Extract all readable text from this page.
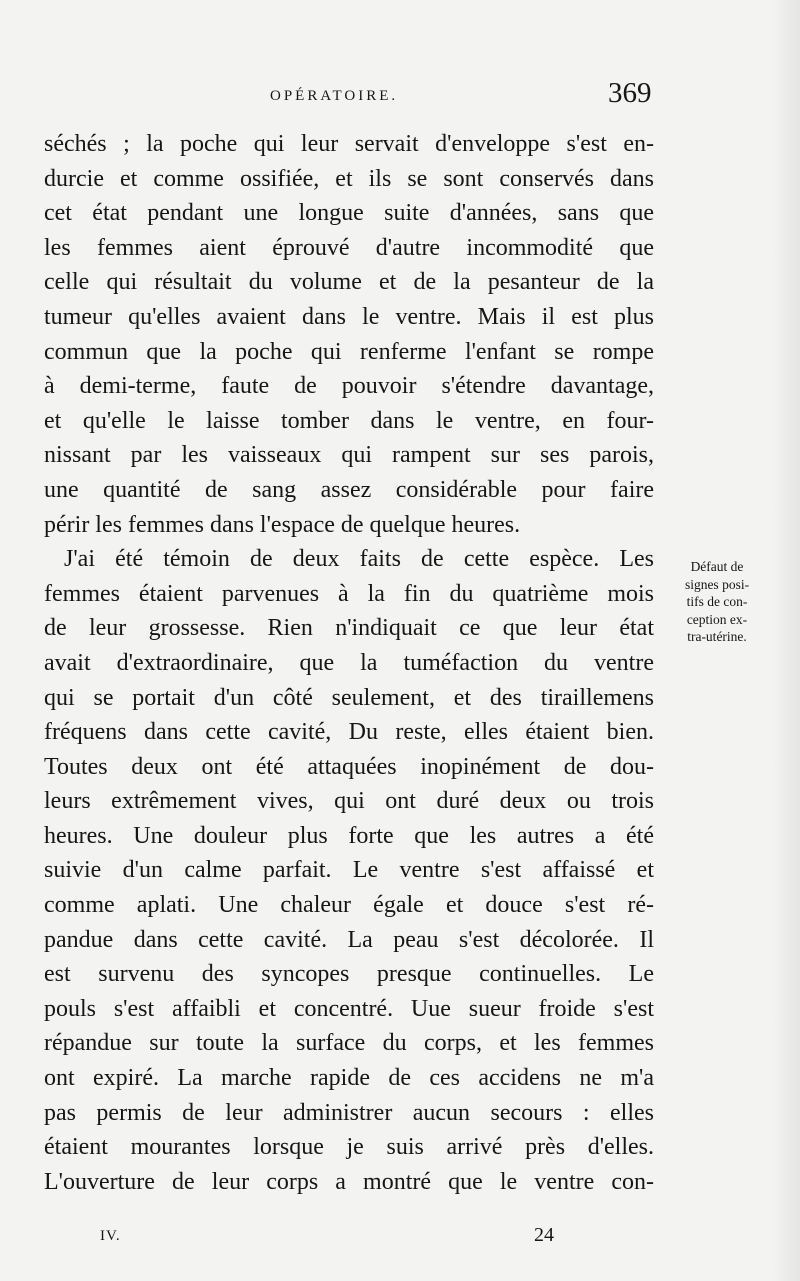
OPÉRATOIRE.	369
séchés ; la poche qui leur servait d'enveloppe s'est en-
durcie et comme ossifiée, et ils se sont conservés dans
cet état pendant une longue suite d'années, sans que
les femmes aient éprouvé d'autre incommodité que
celle qui résultait du volume et de la pesanteur de la
tumeur qu'elles avaient dans le ventre. Mais il est plus
commun que la poche qui renferme l'enfant se rompe
à demi-terme, faute de pouvoir s'étendre davantage,
et qu'elle le laisse tomber dans le ventre, en four-
nissant par les vaisseaux qui rampent sur ses parois,
une quantité de sang assez considérable pour faire
périr les femmes dans l'espace de quelque heures.
J'ai été témoin de deux faits de cette espèce. Les
femmes étaient parvenues à la fin du quatrième mois
de leur grossesse. Rien n'indiquait ce que leur état
avait d'extraordinaire, que la tuméfaction du ventre
qui se portait d'un côté seulement, et des tiraillemens
fréquens dans cette cavité, Du reste, elles étaient bien.
Toutes deux ont été attaquées inopinément de dou-
leurs extrêmement vives, qui ont duré deux ou trois
heures. Une douleur plus forte que les autres a été
suivie d'un calme parfait. Le ventre s'est affaissé et
comme aplati. Une chaleur égale et douce s'est ré-
pandue dans cette cavité. La peau s'est décolorée. Il
est survenu des syncopes presque continuelles. Le
pouls s'est affaibli et concentré. Uue sueur froide s'est
répandue sur toute la surface du corps, et les femmes
ont expiré. La marche rapide de ces accidens ne m'a
pas permis de leur administrer aucun secours : elles
étaient mourantes lorsque je suis arrivé près d'elles.
L'ouverture de leur corps a montré que le ventre con-
Défaut de
signes posi-
tifs de con-
ception ex-
tra-utérine.
IV.	24
